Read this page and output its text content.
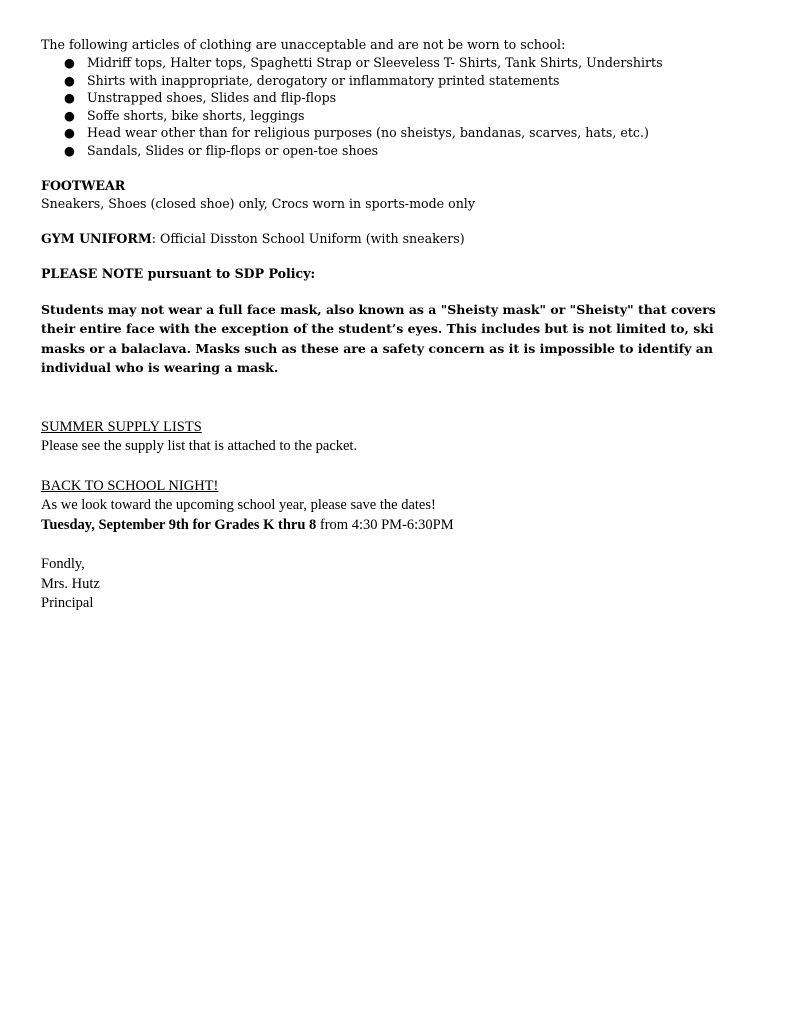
The following articles of clothing are unacceptable and are not be worn to school:

● Midriff tops, Halter tops, Spaghetti Strap or Sleeveless T- Shirts, Tank Shirts, Undershirts
● Shirts with inappropriate, derogatory or inflammatory printed statements
● Unstrapped shoes, Slides and flip-flops
● Soffe shorts, bike shorts, leggings
● Head wear other than for religious purposes (no sheistys, bandanas, scarves, hats, etc.)
● Sandals, Slides or flip-flops or open-toe shoes

FOOTWEAR

Sneakers, Shoes (closed shoe) only, Crocs worn in sports-mode only

GYM UNIFORM: Official Disston School Uniform (with sneakers)

PLEASE NOTE pursuant to SDP Policy:

Students may not wear a full face mask, also known as a "Sheisty mask" or "Sheisty" that covers their entire face with the exception of the student’s eyes. This includes but is not limited to, ski masks or a balaclava. Masks such as these are a safety concern as it is impossible to identify an individual who is wearing a mask.

SUMMER SUPPLY LISTS

Please see the supply list that is attached to the packet.

BACK TO SCHOOL NIGHT!

As we look toward the upcoming school year, please save the dates!

Tuesday, September 9th for Grades K thru 8 from 4:30 PM-6:30PM

Fondly,

Mrs. Hutz

Principal
